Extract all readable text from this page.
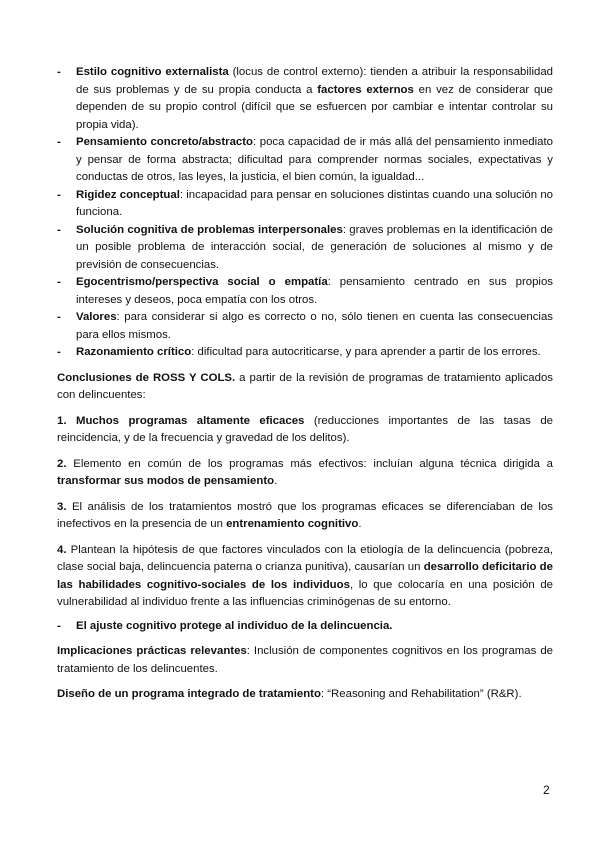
- Estilo cognitivo externalista (locus de control externo): tienden a atribuir la responsabilidad de sus problemas y de su propia conducta a factores externos en vez de considerar que dependen de su propio control (difícil que se esfuercen por cambiar e intentar controlar su propia vida).
- Pensamiento concreto/abstracto: poca capacidad de ir más allá del pensamiento inmediato y pensar de forma abstracta; dificultad para comprender normas sociales, expectativas y conductas de otros, las leyes, la justicia, el bien común, la igualdad...
- Rigidez conceptual: incapacidad para pensar en soluciones distintas cuando una solución no funciona.
- Solución cognitiva de problemas interpersonales: graves problemas en la identificación de un posible problema de interacción social, de generación de soluciones al mismo y de previsión de consecuencias.
- Egocentrismo/perspectiva social o empatía: pensamiento centrado en sus propios intereses y deseos, poca empatía con los otros.
- Valores: para considerar si algo es correcto o no, sólo tienen en cuenta las consecuencias para ellos mismos.
- Razonamiento crítico: dificultad para autocriticarse, y para aprender a partir de los errores.

Conclusiones de ROSS Y COLS. a partir de la revisión de programas de tratamiento aplicados con delincuentes:

1. Muchos programas altamente eficaces (reducciones importantes de las tasas de reincidencia, y de la frecuencia y gravedad de los delitos).

2. Elemento en común de los programas más efectivos: incluían alguna técnica dirigida a transformar sus modos de pensamiento.

3. El análisis de los tratamientos mostró que los programas eficaces se diferenciaban de los inefectivos en la presencia de un entrenamiento cognitivo.

4. Plantean la hipótesis de que factores vinculados con la etiología de la delincuencia (pobreza, clase social baja, delincuencia paterna o crianza punitiva), causarían un desarrollo deficitario de las habilidades cognitivo-sociales de los individuos, lo que colocaría en una posición de vulnerabilidad al individuo frente a las influencias criminógenas de su entorno.

- El ajuste cognitivo protege al individuo de la delincuencia.

Implicaciones prácticas relevantes: Inclusión de componentes cognitivos en los programas de tratamiento de los delincuentes.

Diseño de un programa integrado de tratamiento: “Reasoning and Rehabilitation” (R&R).

2
